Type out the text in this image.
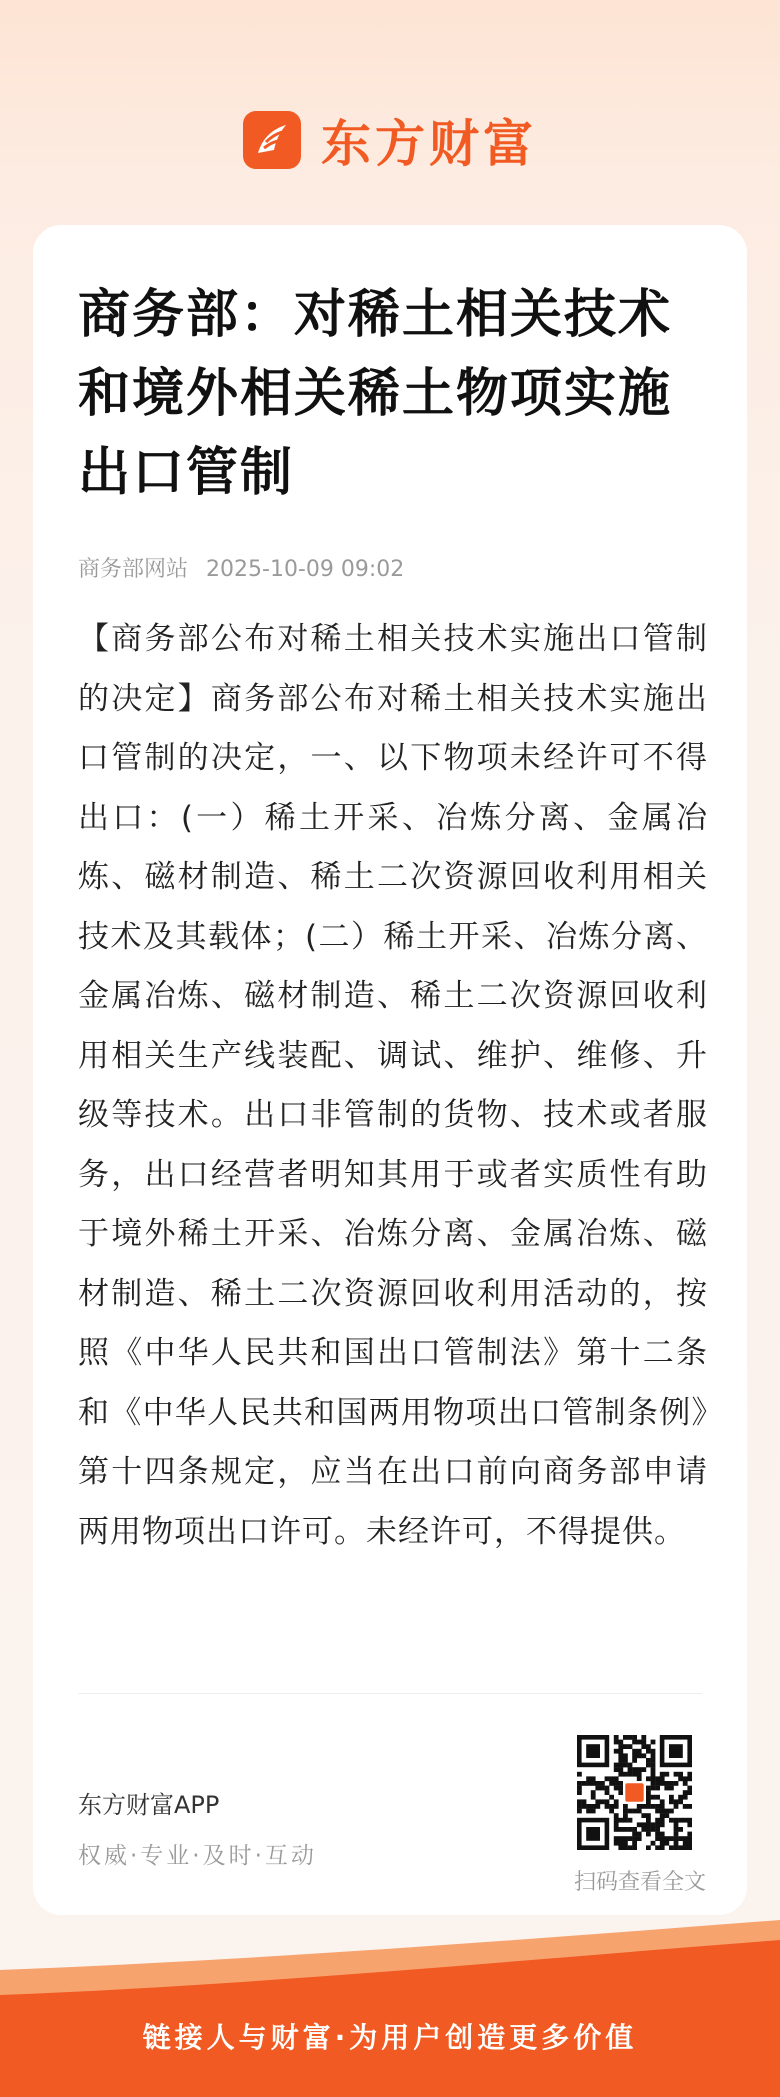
东方财富
商务部：对稀土相关技术和境外相关稀土物项实施出口管制
商务部网站 2025-10-09 09:02

【商务部公布对稀土相关技术实施出口管制的决定】商务部公布对稀土相关技术实施出口管制的决定，一、以下物项未经许可不得出口：(一）稀土开采、冶炼分离、金属冶炼、磁材制造、稀土二次资源回收利用相关技术及其载体；(二）稀土开采、冶炼分离、金属冶炼、磁材制造、稀土二次资源回收利用相关生产线装配、调试、维护、维修、升级等技术。出口非管制的货物、技术或者服务，出口经营者明知其用于或者实质性有助于境外稀土开采、冶炼分离、金属冶炼、磁材制造、稀土二次资源回收利用活动的，按照《中华人民共和国出口管制法》第十二条和《中华人民共和国两用物项出口管制条例》第十四条规定，应当在出口前向商务部申请两用物项出口许可。未经许可，不得提供。

东方财富APP
权威·专业·及时·互动
扫码查看全文
链接人与财富·为用户创造更多价值
